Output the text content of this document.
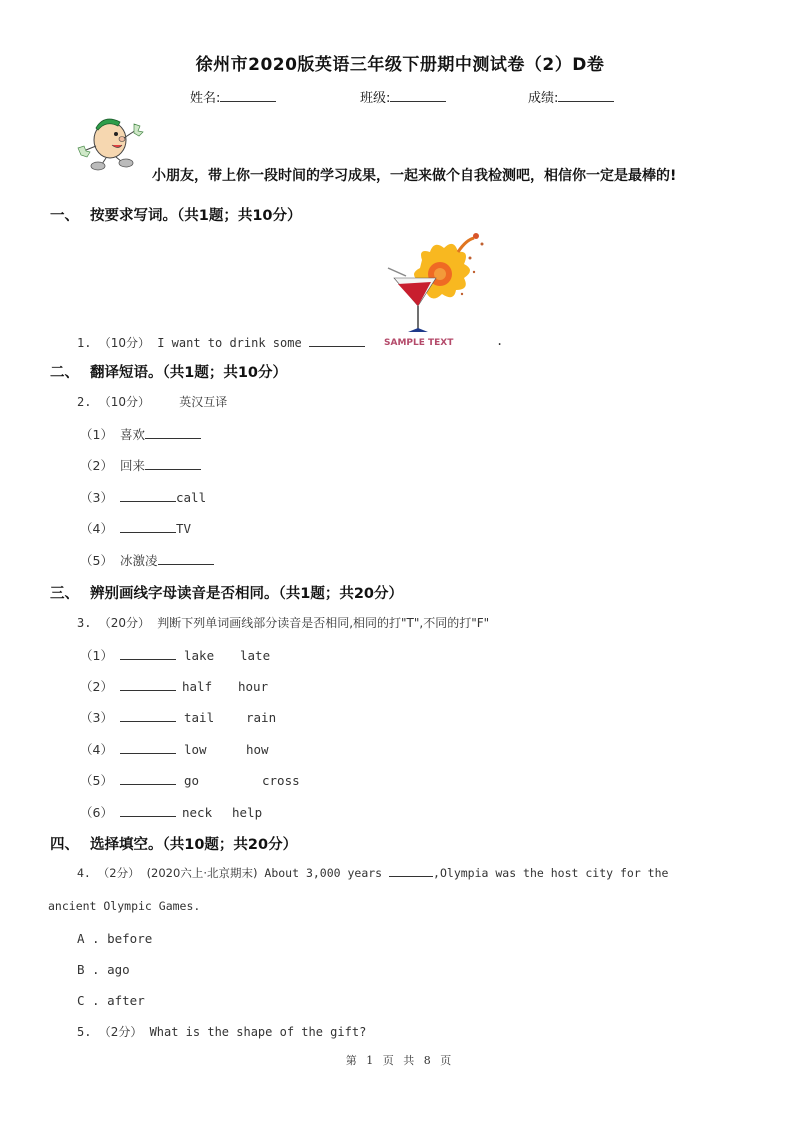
徐州市2020版英语三年级下册期中测试卷（2）D卷
姓名:	班级:	成绩:
小朋友，带上你一段时间的学习成果，一起来做个自我检测吧，相信你一定是最棒的!
一、 按要求写词。（共1题；共10分）
SAMPLE TEXT
1. （10分） I want to drink some	.
二、 翻译短语。（共1题；共10分）
2. （10分） 英汉互译
（1） 喜欢
（2） 回来
（3）	call
（4）	TV
（5） 冰激凌
三、 辨别画线字母读音是否相同。（共1题；共20分）
3. （20分） 判断下列单词画线部分读音是否相同,相同的打"T",不同的打"F"
（1）	lake late
（2）	half hour
（3）	tail	rain
（4）	low	how
（5）	go	cross
（6）	neck help
四、 选择填空。（共10题；共20分）
4. （2分） (2020六上·北京期末) About 3,000 years	,Olympia was the host city for the
ancient Olympic Games.
A . before
B . ago
C . after
5. （2分） What is the shape of the gift?
第 1 页 共 8 页
